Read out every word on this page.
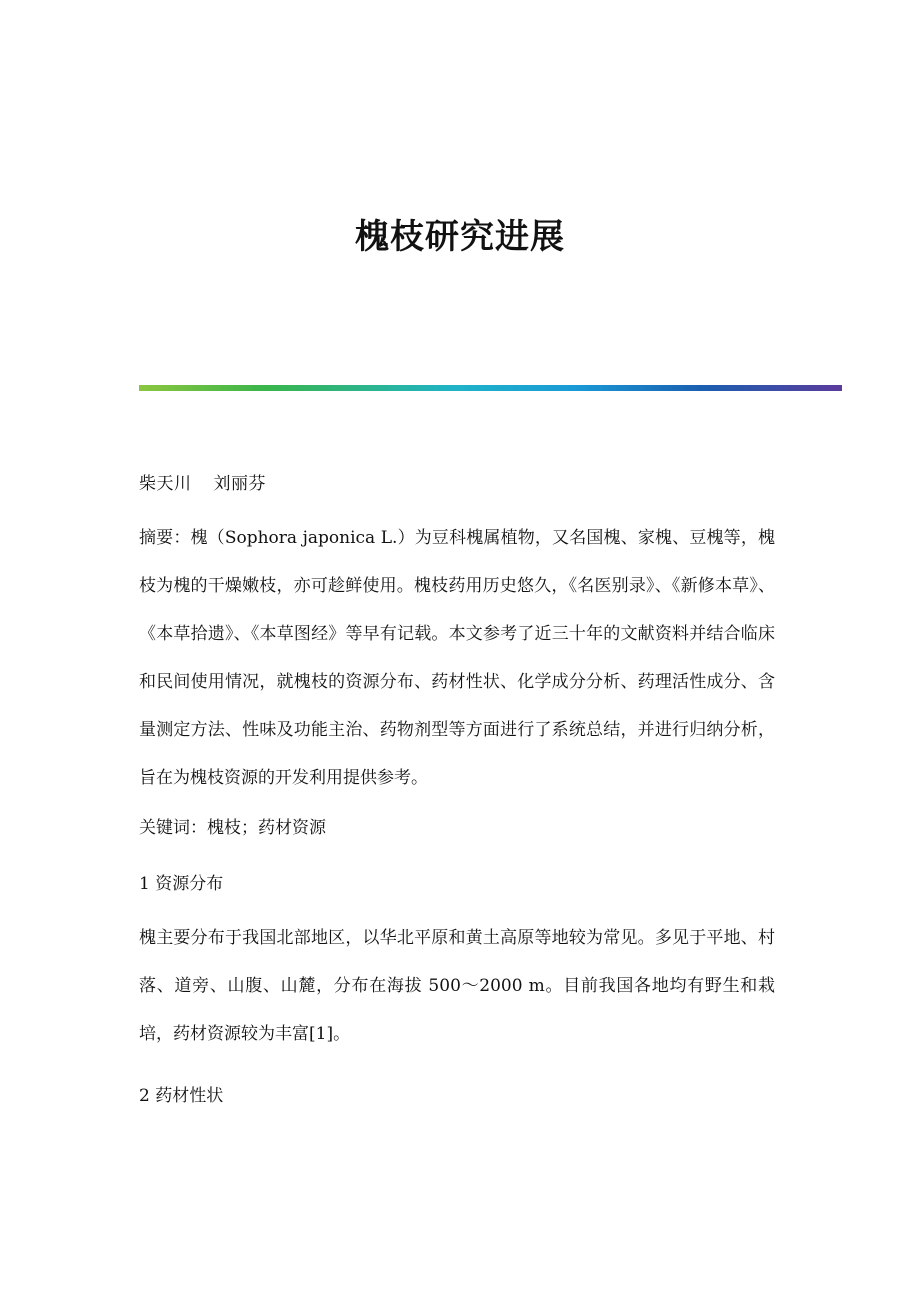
槐枝研究进展

柴天川 刘丽芬

摘要：槐（Sophora japonica L.）为豆科槐属植物，又名国槐、家槐、豆槐等，槐枝为槐的干燥嫩枝，亦可趁鲜使用。槐枝药用历史悠久，《名医别录》、《新修本草》、《本草拾遗》、《本草图经》等早有记载。本文参考了近三十年的文献资料并结合临床和民间使用情况，就槐枝的资源分布、药材性状、化学成分分析、药理活性成分、含量测定方法、性味及功能主治、药物剂型等方面进行了系统总结，并进行归纳分析，旨在为槐枝资源的开发利用提供参考。

关键词：槐枝；药材资源

1 资源分布

槐主要分布于我国北部地区，以华北平原和黄土高原等地较为常见。多见于平地、村落、道旁、山腹、山麓，分布在海拔 500～2000 m。目前我国各地均有野生和栽培，药材资源较为丰富[1]。

2 药材性状
